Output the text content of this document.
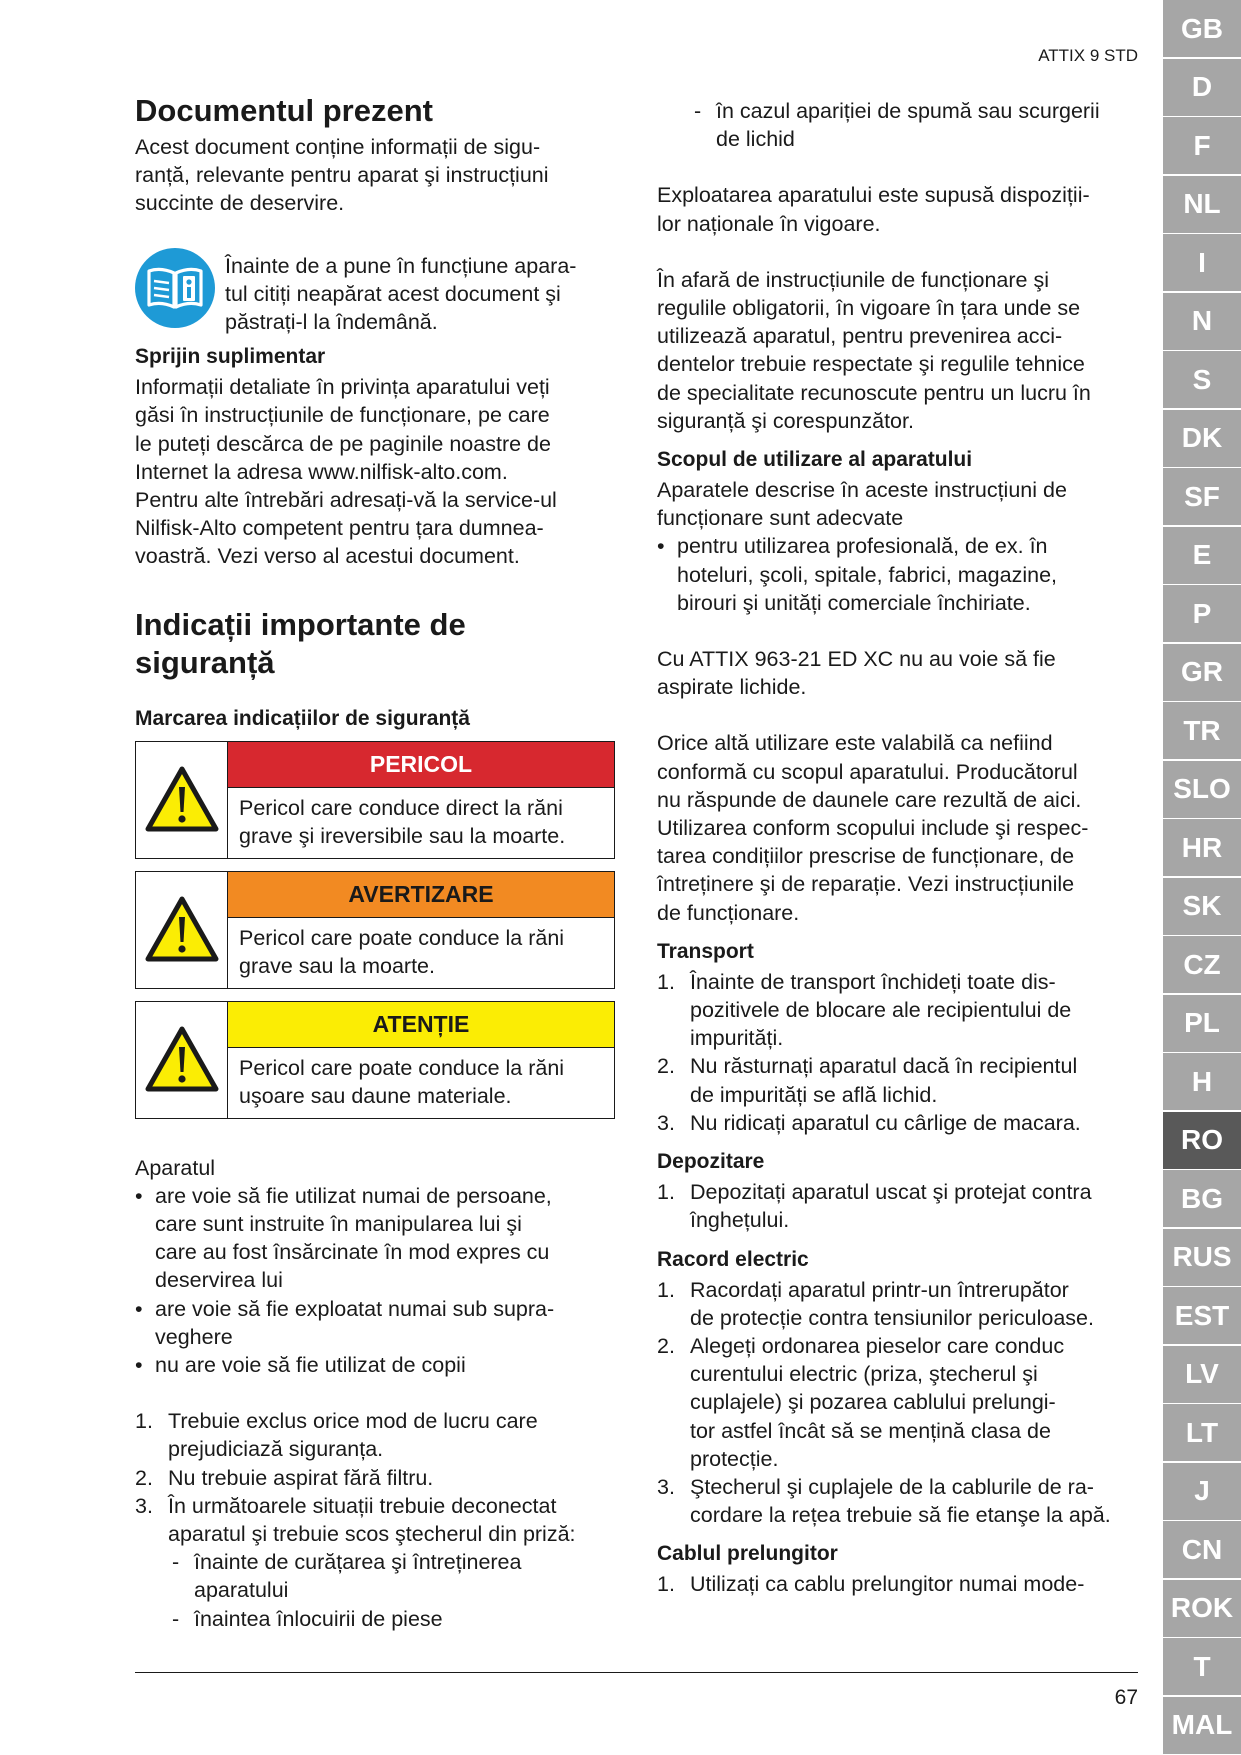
ATTIX 9 STD
Documentul prezent

Acest document conține informații de sigu-
ranță, relevante pentru aparat şi instrucțiuni
succinte de deservire.

Înainte de a pune în funcțiune apara-
tul citiți neapărat acest document şi
păstrați-l la îndemână.

Sprijin suplimentar

Informații detaliate în privința aparatului veți
găsi în instrucțiunile de funcționare, pe care
le puteți descărca de pe paginile noastre de
Internet la adresa www.nilfisk-alto.com.
Pentru alte întrebări adresați-vă la service-ul
Nilfisk-Alto competent pentru țara dumnea-
voastră. Vezi verso al acestui document.

Indicații importante de
siguranță
Marcarea indicațiilor de siguranță
PERICOL
Pericol care conduce direct la răni
grave şi ireversibile sau la moarte.
AVERTIZARE
Pericol care poate conduce la răni
grave sau la moarte.
ATENȚIE
Pericol care poate conduce la răni
uşoare sau daune materiale.

Aparatul

• are voie să fie utilizat numai de persoane,
care sunt instruite în manipularea lui şi
care au fost însărcinate în mod expres cu
deservirea lui
• are voie să fie exploatat numai sub supra-
veghere
• nu are voie să fie utilizat de copii
1. Trebuie exclus orice mod de lucru care
prejudiciază siguranța.
2. Nu trebuie aspirat fără filtru.
3. În următoarele situații trebuie deconectat
aparatul şi trebuie scos ştecherul din priză:
- înainte de curățarea şi întreținerea
aparatului
- înaintea înlocuirii de piese
- în cazul apariției de spumă sau scurgerii
de lichid

Exploatarea aparatului este supusă dispoziții-
lor naționale în vigoare.

În afară de instrucțiunile de funcționare şi
regulile obligatorii, în vigoare în țara unde se
utilizează aparatul, pentru prevenirea acci-
dentelor trebuie respectate şi regulile tehnice
de specialitate recunoscute pentru un lucru în
siguranță şi corespunzător.

Scopul de utilizare al aparatului

Aparatele descrise în aceste instrucțiuni de
funcționare sunt adecvate

• pentru utilizarea profesională, de ex. în
hoteluri, şcoli, spitale, fabrici, magazine,
birouri şi unități comerciale închiriate.

Cu ATTIX 963-21 ED XC nu au voie să fie
aspirate lichide.

Orice altă utilizare este valabilă ca nefiind
conformă cu scopul aparatului. Producătorul
nu răspunde de daunele care rezultă de aici.
Utilizarea conform scopului include şi respec-
tarea condițiilor prescrise de funcționare, de
întreținere şi de reparație. Vezi instrucțiunile
de funcționare.

Transport
1. Înainte de transport închideți toate dis-
pozitivele de blocare ale recipientului de
impurități.
2. Nu răsturnați aparatul dacă în recipientul
de impurități se află lichid.
3. Nu ridicați aparatul cu cârlige de macara.
Depozitare
1. Depozitați aparatul uscat şi protejat contra
înghețului.
Racord electric
1. Racordați aparatul printr-un întrerupător
de protecție contra tensiunilor periculoase.
2. Alegeți ordonarea pieselor care conduc
curentului electric (priza, ştecherul şi
cuplajele) şi pozarea cablului prelungi-
tor astfel încât să se mențină clasa de
protecție.
3. Ştecherul şi cuplajele de la cablurile de ra-
cordare la rețea trebuie să fie etanşe la apă.
Cablul prelungitor
1. Utilizați ca cablu prelungitor numai mode-
GB
D
F
NL
I
N
S
DK
SF
E
P
GR
TR
SLO
HR
SK
CZ
PL
H
RO
BG
RUS
EST
LV
LT
J
CN
ROK
T
MAL
67
